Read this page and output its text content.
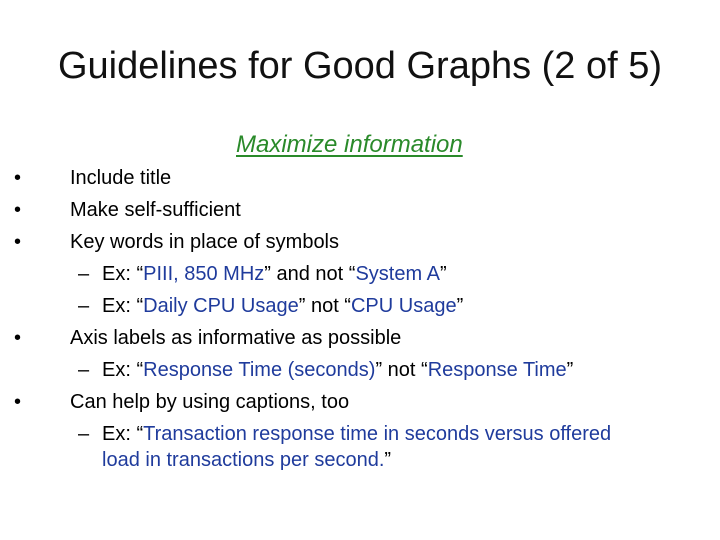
Guidelines for Good Graphs (2 of 5)
Maximize information
• Include title
• Make self-sufficient
• Key words in place of symbols
– Ex: “PIII, 850 MHz” and not “System A”
– Ex: “Daily CPU Usage” not “CPU Usage”
• Axis labels as informative as possible
– Ex: “Response Time (seconds)” not “Response Time”
• Can help by using captions, too
– Ex: “Transaction response time in seconds versus offered
load in transactions per second.”
